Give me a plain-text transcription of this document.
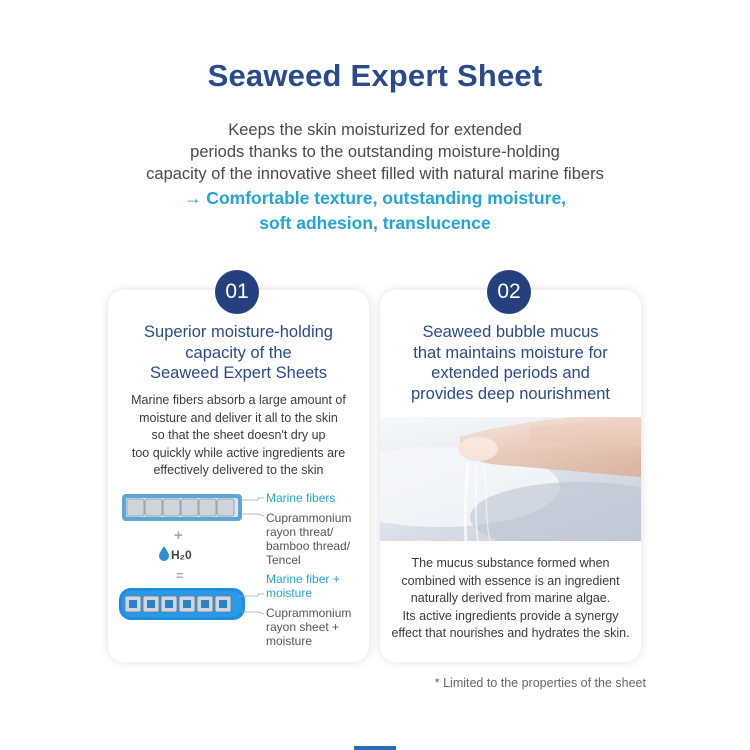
Seaweed Expert Sheet
Keeps the skin moisturized for extended
periods thanks to the outstanding moisture-holding
capacity of the innovative sheet filled with natural marine fibers
→ Comfortable texture, outstanding moisture,
soft adhesion, translucence
Superior moisture-holding
capacity of the
Seaweed Expert Sheets
Marine fibers absorb a large amount of
moisture and deliver it all to the skin
so that the sheet doesn't dry up
too quickly while active ingredients are
effectively delivered to the skin
Marine fibers
Cuprammonium
rayon threat/
bamboo thread/
Tencel
+
H₂0
=	Marine fiber +
moisture
Cuprammonium
rayon sheet +
moisture
Seaweed bubble mucus
that maintains moisture for
extended periods and
provides deep nourishment
The mucus substance formed when
combined with essence is an ingredient
naturally derived from marine algae.
Its active ingredients provide a synergy
effect that nourishes and hydrates the skin.
01	02
* Limited to the properties of the sheet
